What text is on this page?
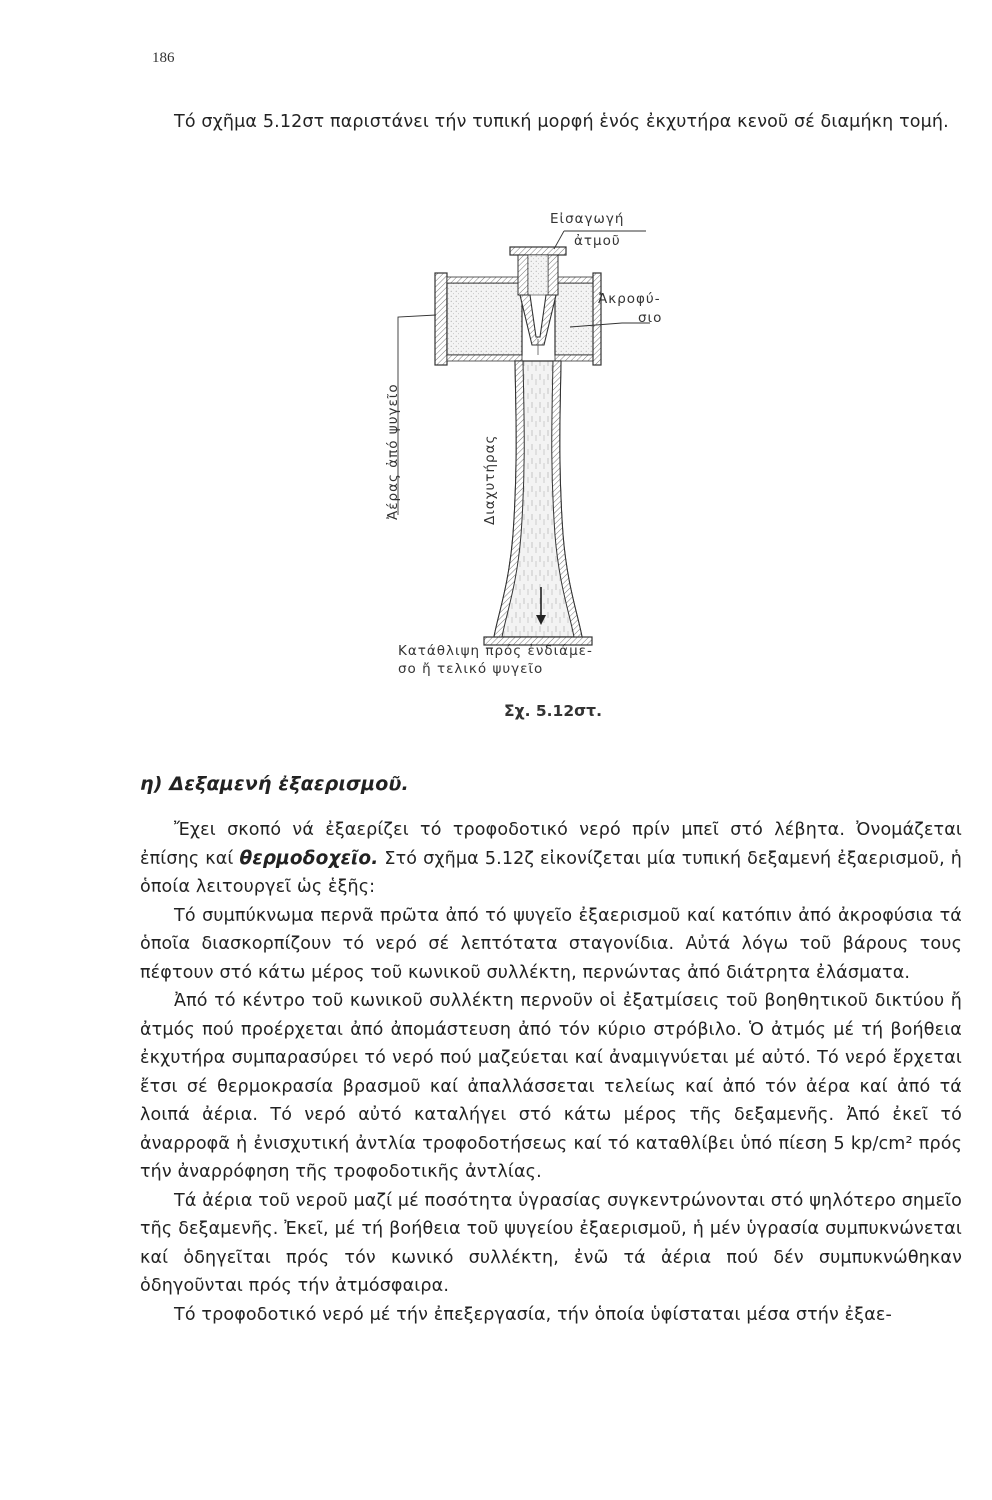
186
Τό σχῆμα 5.12στ παριστάνει τήν τυπική μορφή ἑνός ἐκχυτήρα κενοῦ σέ διαμήκη τομή.
Εἰσαγωγή
ἀτμοῦ
Ἀκροφύ-
σιο
Ἀέρας ἀπό ψυγεῖο	Διαχυτήρας
Κατάθλιψη πρός ἐνδιάμε-
σο ἤ τελικό ψυγεῖο
Σχ. 5.12στ.
η) Δεξαμενή ἐξαερισμοῦ.

Ἔχει σκοπό νά ἐξαερίζει τό τροφοδοτικό νερό πρίν μπεῖ στό λέβητα. Ὀνομάζεται ἐπίσης καί θερμοδοχεῖο. Στό σχῆμα 5.12ζ εἰκονίζεται μία τυπική δεξαμενή ἐξαερισμοῦ, ἡ ὁποία λειτουργεῖ ὡς ἑξῆς:

Τό συμπύκνωμα περνᾶ πρῶτα ἀπό τό ψυγεῖο ἐξαερισμοῦ καί κατόπιν ἀπό ἀκροφύσια τά ὁποῖα διασκορπίζουν τό νερό σέ λεπτότατα σταγονίδια. Αὐτά λόγω τοῦ βάρους τους πέφτουν στό κάτω μέρος τοῦ κωνικοῦ συλλέκτη, περνώντας ἀπό διάτρητα ἐλάσματα.

Ἀπό τό κέντρο τοῦ κωνικοῦ συλλέκτη περνοῦν οἱ ἐξατμίσεις τοῦ βοηθητικοῦ δικτύου ἤ ἀτμός πού προέρχεται ἀπό ἀπομάστευση ἀπό τόν κύριο στρόβιλο. Ὁ ἀτμός μέ τή βοήθεια ἐκχυτήρα συμπαρασύρει τό νερό πού μαζεύεται καί ἀναμιγνύεται μέ αὐτό. Τό νερό ἔρχεται ἔτσι σέ θερμοκρασία βρασμοῦ καί ἀπαλλάσσεται τελείως καί ἀπό τόν ἀέρα καί ἀπό τά λοιπά ἀέρια. Τό νερό αὐτό καταλήγει στό κάτω μέρος τῆς δεξαμενῆς. Ἀπό ἐκεῖ τό ἀναρροφᾶ ἡ ἐνισχυτική ἀντλία τροφοδοτήσεως καί τό καταθλίβει ὑπό πίεση 5 kp/cm² πρός τήν ἀναρρόφηση τῆς τροφοδοτικῆς ἀντλίας.

Τά ἀέρια τοῦ νεροῦ μαζί μέ ποσότητα ὑγρασίας συγκεντρώνονται στό ψηλότερο σημεῖο τῆς δεξαμενῆς. Ἐκεῖ, μέ τή βοήθεια τοῦ ψυγείου ἐξαερισμοῦ, ἡ μέν ὑγρασία συμπυκνώνεται καί ὁδηγεῖται πρός τόν κωνικό συλλέκτη, ἐνῶ τά ἀέρια πού δέν συμπυκνώθηκαν ὁδηγοῦνται πρός τήν ἀτμόσφαιρα.

Τό τροφοδοτικό νερό μέ τήν ἐπεξεργασία, τήν ὁποία ὑφίσταται μέσα στήν ἐξαε-
